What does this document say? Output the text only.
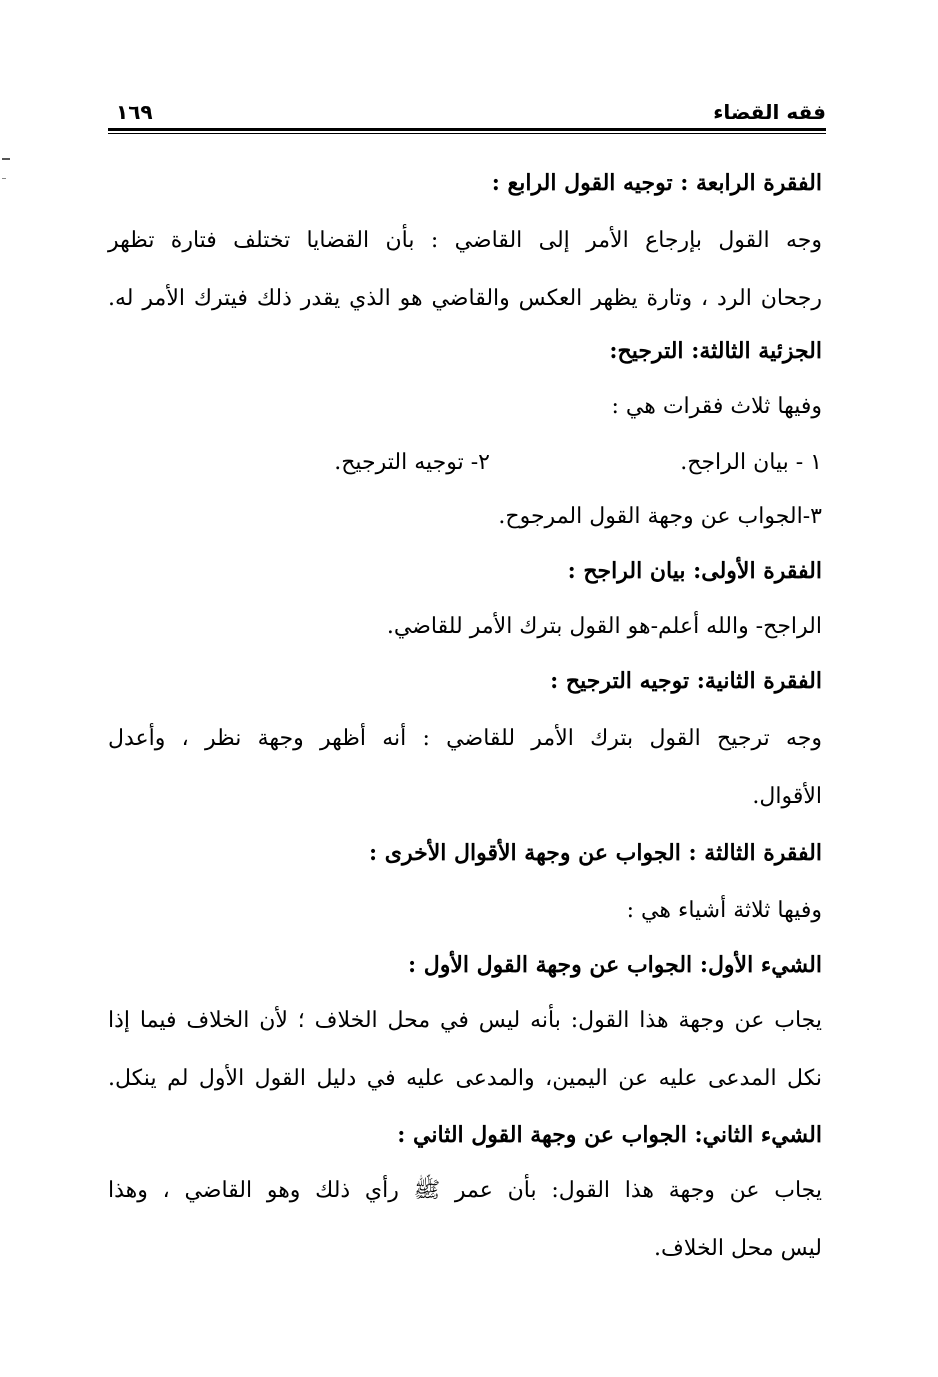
فقه القضاء
١٦٩
الفقرة الرابعة : توجيه القول الرابع :
وجه القول بإرجاع الأمر إلى القاضي : بأن القضايا تختلف فتارة تظهر
رجحان الرد ، وتارة يظهر العكس والقاضي هو الذي يقدر ذلك فيترك الأمر له.
الجزئية الثالثة: الترجيح:
وفيها ثلاث فقرات هي :
١ - بيان الراجح.
٢- توجيه الترجيح.
٣-الجواب عن وجهة القول المرجوح.
الفقرة الأولى: بيان الراجح :
الراجح- والله أعلم-هو القول بترك الأمر للقاضي.
الفقرة الثانية: توجيه الترجيح :
وجه ترجيح القول بترك الأمر للقاضي : أنه أظهر وجهة نظر ، وأعدل
الأقوال.
الفقرة الثالثة : الجواب عن وجهة الأقوال الأخرى :
وفيها ثلاثة أشياء هي :
الشيء الأول: الجواب عن وجهة القول الأول :
يجاب عن وجهة هذا القول: بأنه ليس في محل الخلاف ؛ لأن الخلاف فيما إذا
نكل المدعى عليه عن اليمين، والمدعى عليه في دليل القول الأول لم ينكل.
الشيء الثاني: الجواب عن وجهة القول الثاني :
يجاب عن وجهة هذا القول: بأن عمر ﷺ رأي ذلك وهو القاضي ، وهذا
ليس محل الخلاف.
